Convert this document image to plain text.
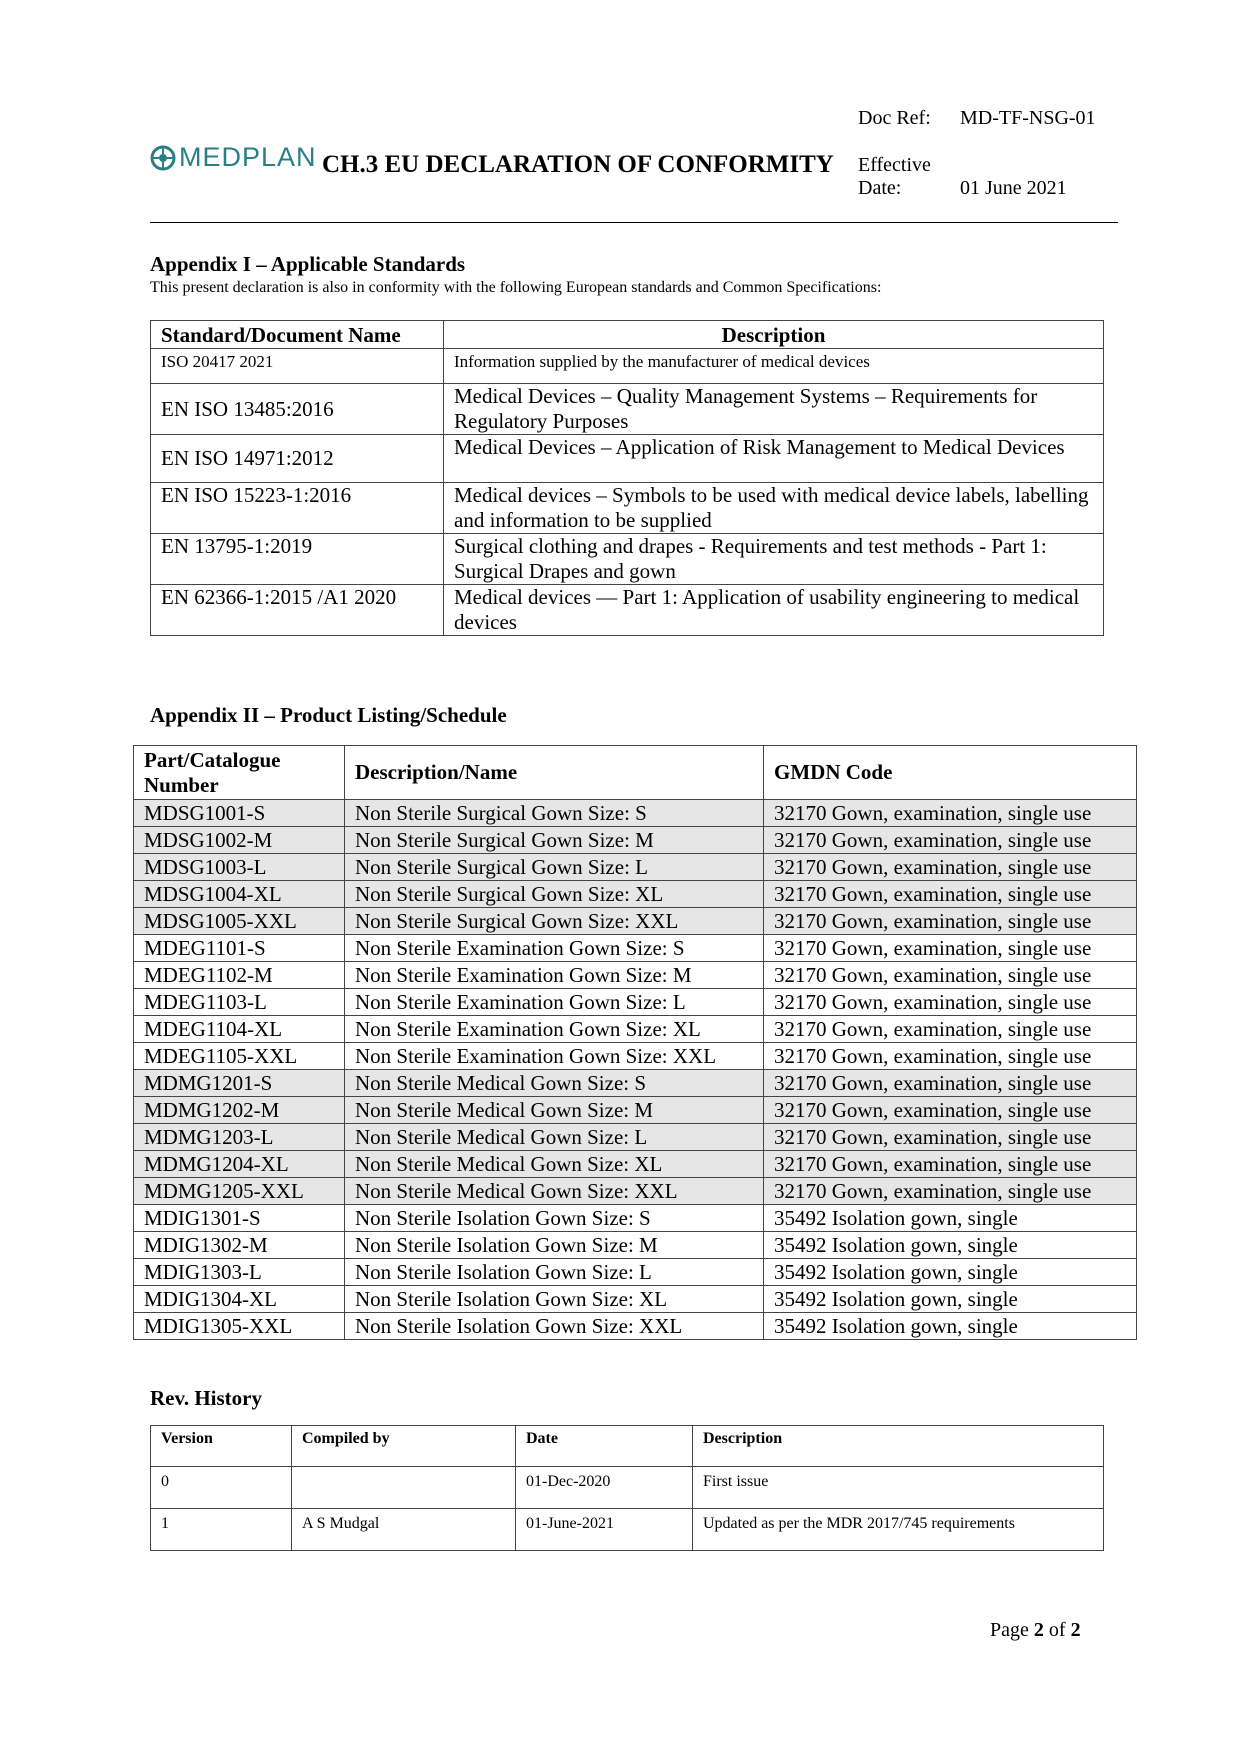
Doc Ref: MD-TF-NSG-01
MEDPLAN CH.3 EU DECLARATION OF CONFORMITY Effective
Date:	01 June 2021
Appendix I – Applicable Standards
This present declaration is also in conformity with the following European standards and Common Specifications:
Standard/Document Name	Description
ISO 20417 2021	Information supplied by the manufacturer of medical devices
EN ISO 13485:2016	Medical Devices – Quality Management Systems – Requirements for Regulatory Purposes
EN ISO 14971:2012	Medical Devices – Application of Risk Management to Medical Devices
EN ISO 15223-1:2016	Medical devices – Symbols to be used with medical device labels, labelling and information to be supplied
EN 13795-1:2019	Surgical clothing and drapes - Requirements and test methods - Part 1: Surgical Drapes and gown
EN 62366-1:2015 /A1 2020	Medical devices — Part 1: Application of usability engineering to medical devices
Appendix II – Product Listing/Schedule
Part/Catalogue Number	Description/Name	GMDN Code
MDSG1001-S	Non Sterile Surgical Gown Size: S	32170 Gown, examination, single use
MDSG1002-M	Non Sterile Surgical Gown Size: M	32170 Gown, examination, single use
MDSG1003-L	Non Sterile Surgical Gown Size: L	32170 Gown, examination, single use
MDSG1004-XL	Non Sterile Surgical Gown Size: XL	32170 Gown, examination, single use
MDSG1005-XXL	Non Sterile Surgical Gown Size: XXL	32170 Gown, examination, single use
MDEG1101-S	Non Sterile Examination Gown Size: S	32170 Gown, examination, single use
MDEG1102-M	Non Sterile Examination Gown Size: M	32170 Gown, examination, single use
MDEG1103-L	Non Sterile Examination Gown Size: L	32170 Gown, examination, single use
MDEG1104-XL	Non Sterile Examination Gown Size: XL	32170 Gown, examination, single use
MDEG1105-XXL	Non Sterile Examination Gown Size: XXL	32170 Gown, examination, single use
MDMG1201-S	Non Sterile Medical Gown Size: S	32170 Gown, examination, single use
MDMG1202-M	Non Sterile Medical Gown Size: M	32170 Gown, examination, single use
MDMG1203-L	Non Sterile Medical Gown Size: L	32170 Gown, examination, single use
MDMG1204-XL	Non Sterile Medical Gown Size: XL	32170 Gown, examination, single use
MDMG1205-XXL	Non Sterile Medical Gown Size: XXL	32170 Gown, examination, single use
MDIG1301-S	Non Sterile Isolation Gown Size: S	35492 Isolation gown, single
MDIG1302-M	Non Sterile Isolation Gown Size: M	35492 Isolation gown, single
MDIG1303-L	Non Sterile Isolation Gown Size: L	35492 Isolation gown, single
MDIG1304-XL	Non Sterile Isolation Gown Size: XL	35492 Isolation gown, single
MDIG1305-XXL	Non Sterile Isolation Gown Size: XXL	35492 Isolation gown, single
Rev. History
Version	Compiled by	Date	Description
0		01-Dec-2020	First issue
1	A S Mudgal	01-June-2021	Updated as per the MDR 2017/745 requirements
Page 2 of 2
